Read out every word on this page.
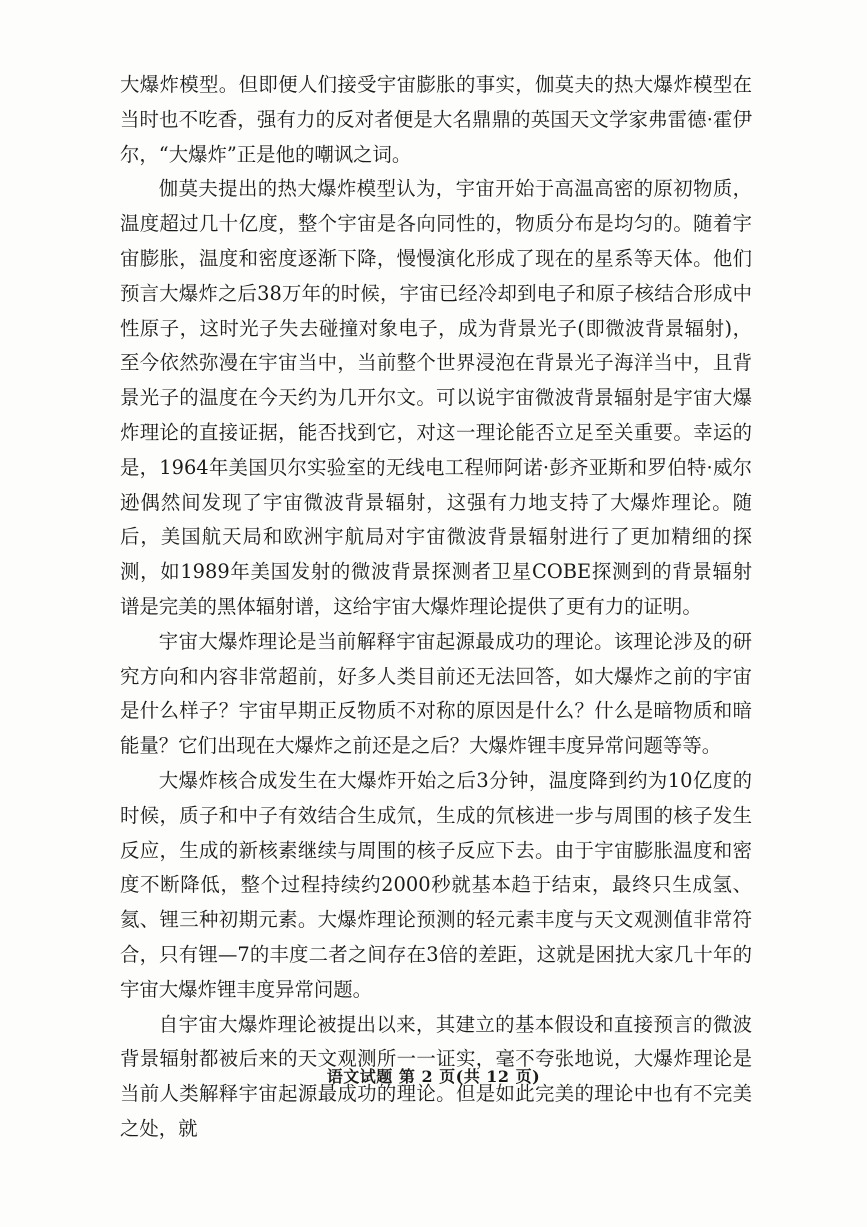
大爆炸模型。但即便人们接受宇宙膨胀的事实，伽莫夫的热大爆炸模型在当时也不吃香，强有力的反对者便是大名鼎鼎的英国天文学家弗雷德·霍伊尔，“大爆炸”正是他的嘲讽之词。

伽莫夫提出的热大爆炸模型认为，宇宙开始于高温高密的原初物质，温度超过几十亿度，整个宇宙是各向同性的，物质分布是均匀的。随着宇宙膨胀，温度和密度逐渐下降，慢慢演化形成了现在的星系等天体。他们预言大爆炸之后38万年的时候，宇宙已经冷却到电子和原子核结合形成中性原子，这时光子失去碰撞对象电子，成为背景光子(即微波背景辐射)，至今依然弥漫在宇宙当中，当前整个世界浸泡在背景光子海洋当中，且背景光子的温度在今天约为几开尔文。可以说宇宙微波背景辐射是宇宙大爆炸理论的直接证据，能否找到它，对这一理论能否立足至关重要。幸运的是，1964年美国贝尔实验室的无线电工程师阿诺·彭齐亚斯和罗伯特·威尔逊偶然间发现了宇宙微波背景辐射，这强有力地支持了大爆炸理论。随后，美国航天局和欧洲宇航局对宇宙微波背景辐射进行了更加精细的探测，如1989年美国发射的微波背景探测者卫星COBE探测到的背景辐射谱是完美的黑体辐射谱，这给宇宙大爆炸理论提供了更有力的证明。

宇宙大爆炸理论是当前解释宇宙起源最成功的理论。该理论涉及的研究方向和内容非常超前，好多人类目前还无法回答，如大爆炸之前的宇宙是什么样子？宇宙早期正反物质不对称的原因是什么？什么是暗物质和暗能量？它们出现在大爆炸之前还是之后？大爆炸锂丰度异常问题等等。

大爆炸核合成发生在大爆炸开始之后3分钟，温度降到约为10亿度的时候，质子和中子有效结合生成氘，生成的氘核进一步与周围的核子发生反应，生成的新核素继续与周围的核子反应下去。由于宇宙膨胀温度和密度不断降低，整个过程持续约2000秒就基本趋于结束，最终只生成氢、氦、锂三种初期元素。大爆炸理论预测的轻元素丰度与天文观测值非常符合，只有锂—7的丰度二者之间存在3倍的差距，这就是困扰大家几十年的宇宙大爆炸锂丰度异常问题。

自宇宙大爆炸理论被提出以来，其建立的基本假设和直接预言的微波背景辐射都被后来的天文观测所一一证实，毫不夸张地说，大爆炸理论是当前人类解释宇宙起源最成功的理论。但是如此完美的理论中也有不完美之处，就

语文试题 第 2 页(共 12 页)
